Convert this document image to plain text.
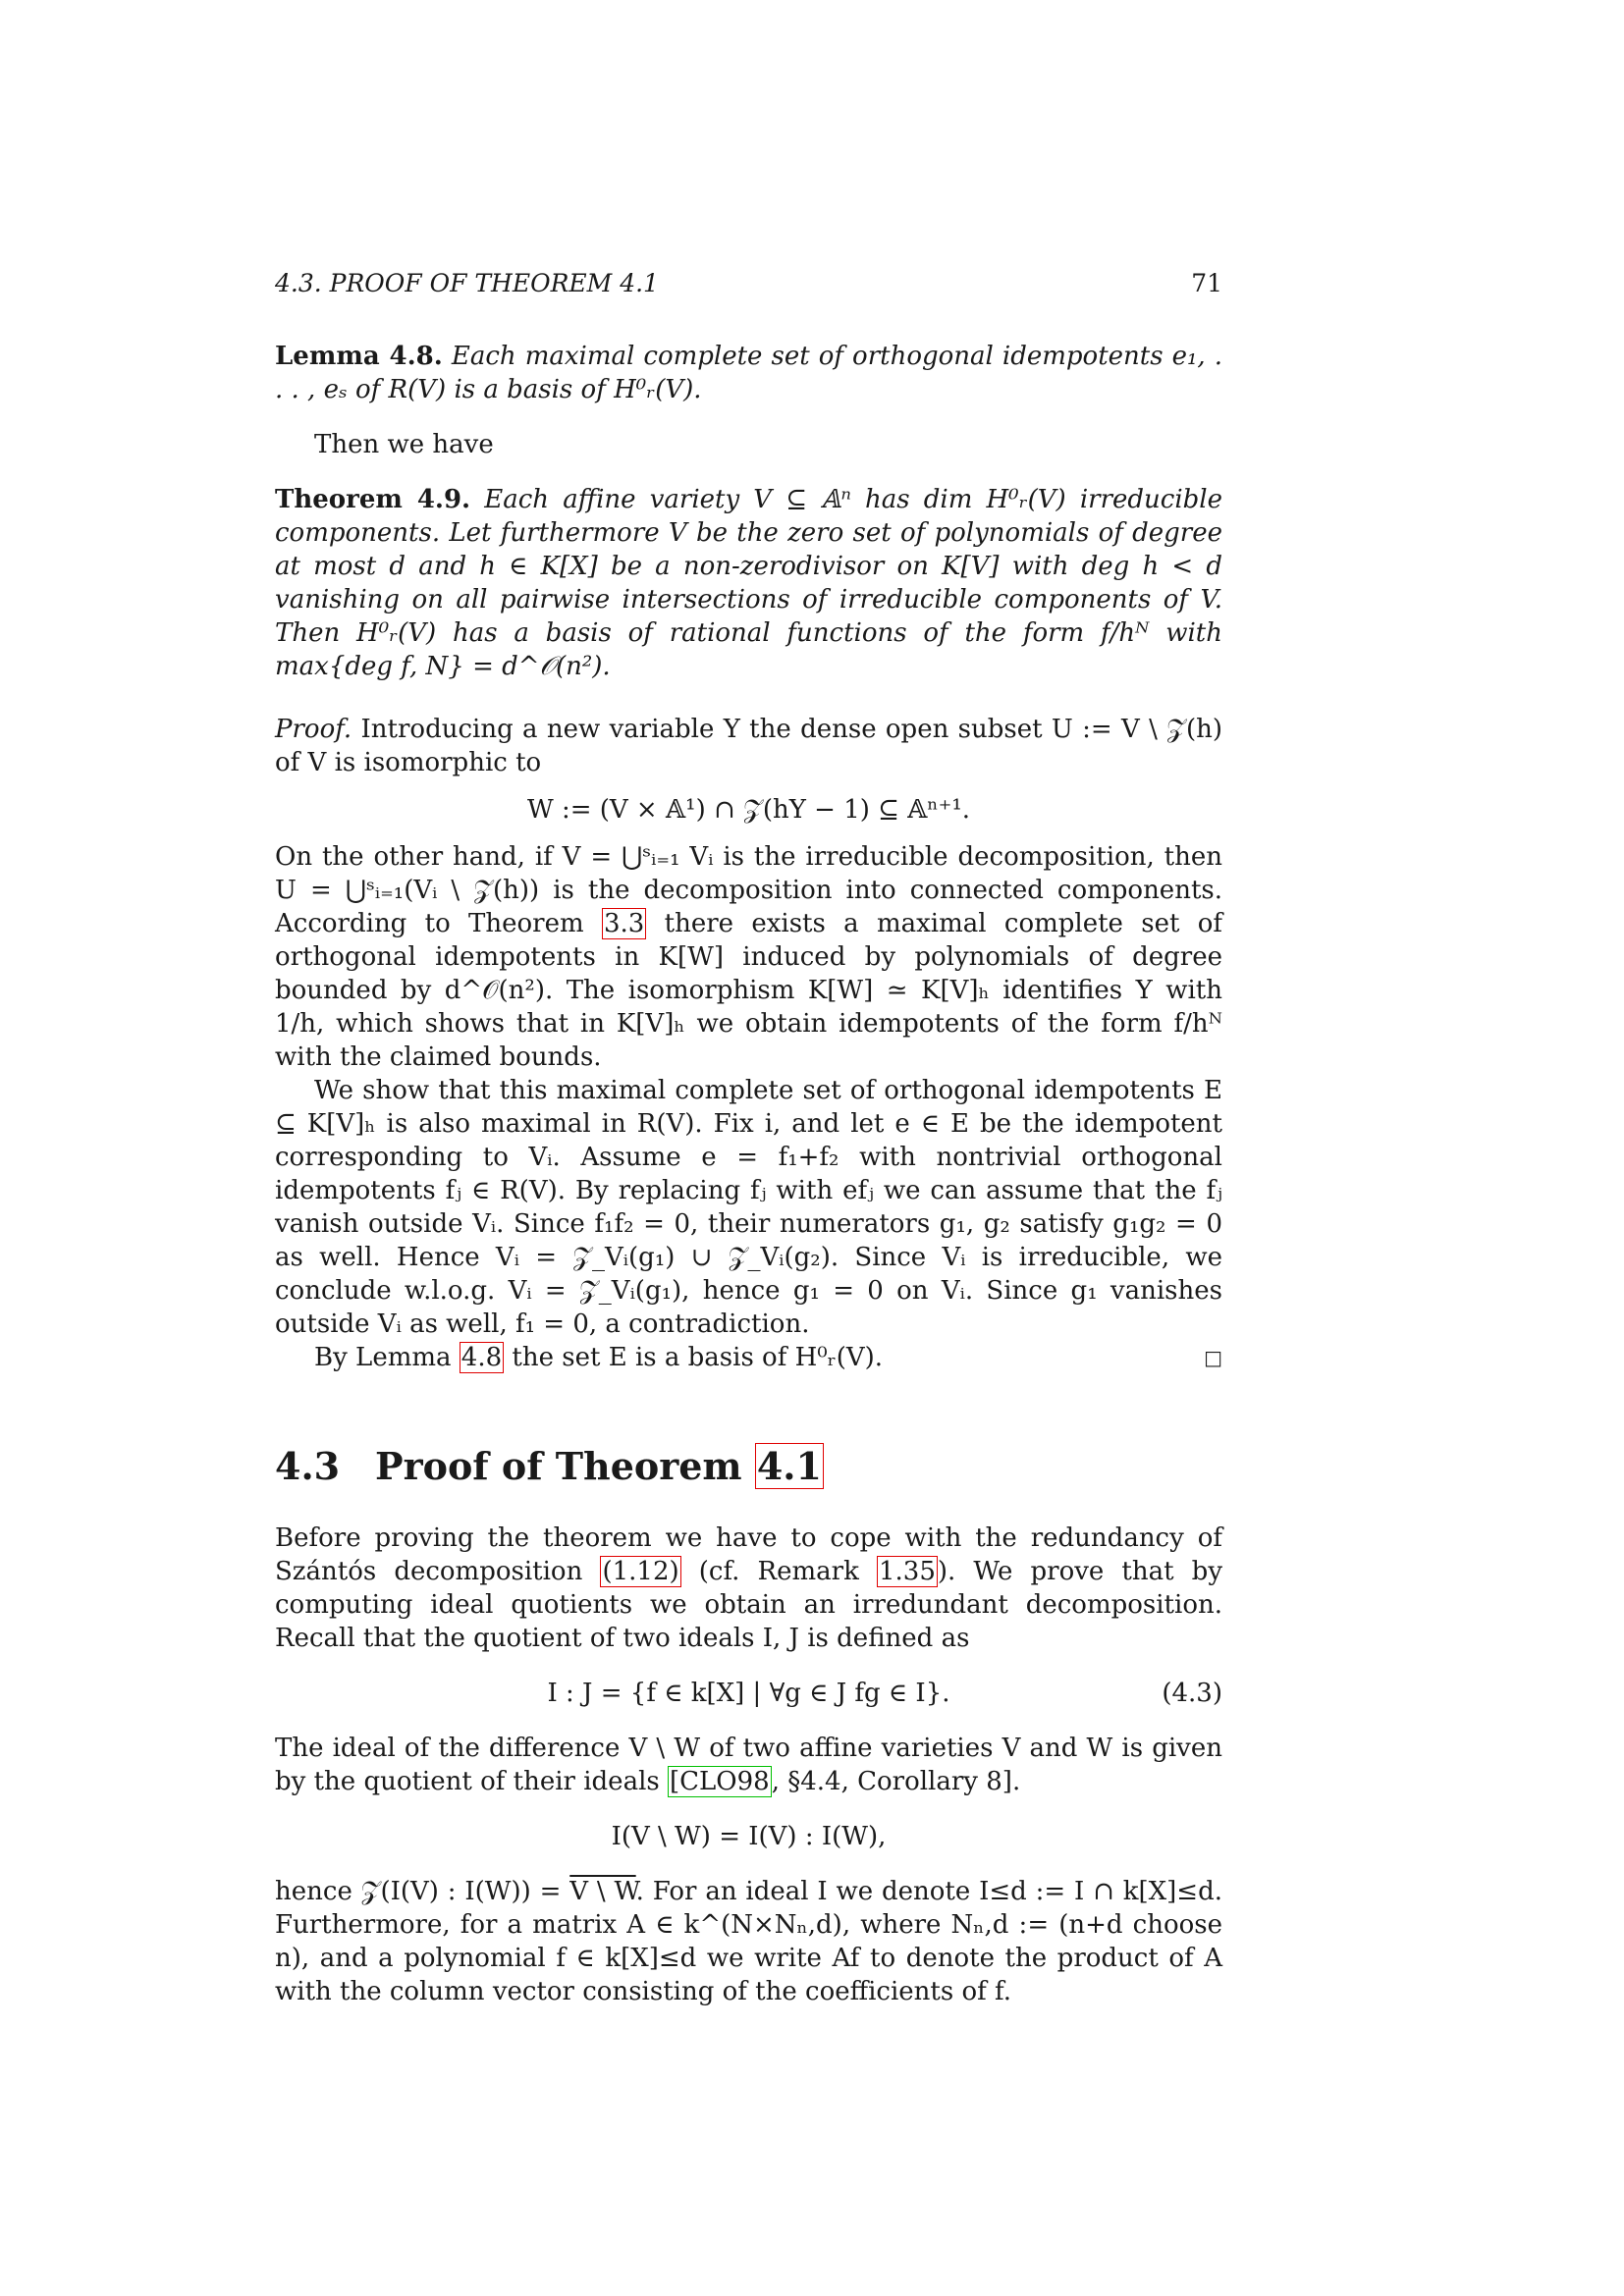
4.3. PROOF OF THEOREM 4.1	71

Lemma 4.8. Each maximal complete set of orthogonal idempotents e₁, . . . , eₛ of R(V) is a basis of H⁰ᵣ(V).

Then we have

Theorem 4.9. Each affine variety V ⊆ 𝔸ⁿ has dim H⁰ᵣ(V) irreducible components. Let furthermore V be the zero set of polynomials of degree at most d and h ∈ K[X] be a non-zerodivisor on K[V] with deg h < d vanishing on all pairwise intersections of irreducible components of V. Then H⁰ᵣ(V) has a basis of rational functions of the form f/hᴺ with max{deg f, N} = d^𝒪(n²).

Proof. Introducing a new variable Y the dense open subset U := V \ 𝒵(h) of V is isomorphic to

W := (V × 𝔸¹) ∩ 𝒵(hY − 1) ⊆ 𝔸ⁿ⁺¹.

On the other hand, if V = ⋃ˢᵢ₌₁ Vᵢ is the irreducible decomposition, then U = ⋃ˢᵢ₌₁(Vᵢ \ 𝒵(h)) is the decomposition into connected components. According to Theorem 3.3 there exists a maximal complete set of orthogonal idempotents in K[W] induced by polynomials of degree bounded by d^𝒪(n²). The isomorphism K[W] ≃ K[V]ₕ identifies Y with 1/h, which shows that in K[V]ₕ we obtain idempotents of the form f/hᴺ with the claimed bounds.

We show that this maximal complete set of orthogonal idempotents E ⊆ K[V]ₕ is also maximal in R(V). Fix i, and let e ∈ E be the idempotent corresponding to Vᵢ. Assume e = f₁+f₂ with nontrivial orthogonal idempotents fⱼ ∈ R(V). By replacing fⱼ with efⱼ we can assume that the fⱼ vanish outside Vᵢ. Since f₁f₂ = 0, their numerators g₁, g₂ satisfy g₁g₂ = 0 as well. Hence Vᵢ = 𝒵_Vᵢ(g₁) ∪ 𝒵_Vᵢ(g₂). Since Vᵢ is irreducible, we conclude w.l.o.g. Vᵢ = 𝒵_Vᵢ(g₁), hence g₁ = 0 on Vᵢ. Since g₁ vanishes outside Vᵢ as well, f₁ = 0, a contradiction.

By Lemma 4.8 the set E is a basis of H⁰ᵣ(V).	□

4.3 Proof of Theorem 4.1

Before proving the theorem we have to cope with the redundancy of Szántós decomposition (1.12) (cf. Remark 1.35). We prove that by computing ideal quotients we obtain an irredundant decomposition. Recall that the quotient of two ideals I, J is defined as

I : J = {f ∈ k[X] | ∀g ∈ J fg ∈ I}.	(4.3)

The ideal of the difference V \ W of two affine varieties V and W is given by the quotient of their ideals [CLO98, §4.4, Corollary 8].

I(V \ W) = I(V) : I(W),

hence 𝒵(I(V) : I(W)) = V \ W. For an ideal I we denote I≤d := I ∩ k[X]≤d. Furthermore, for a matrix A ∈ k^(N×Nₙ,d), where Nₙ,d := (n+d choose n), and a polynomial f ∈ k[X]≤d we write Af to denote the product of A with the column vector consisting of the coefficients of f.
